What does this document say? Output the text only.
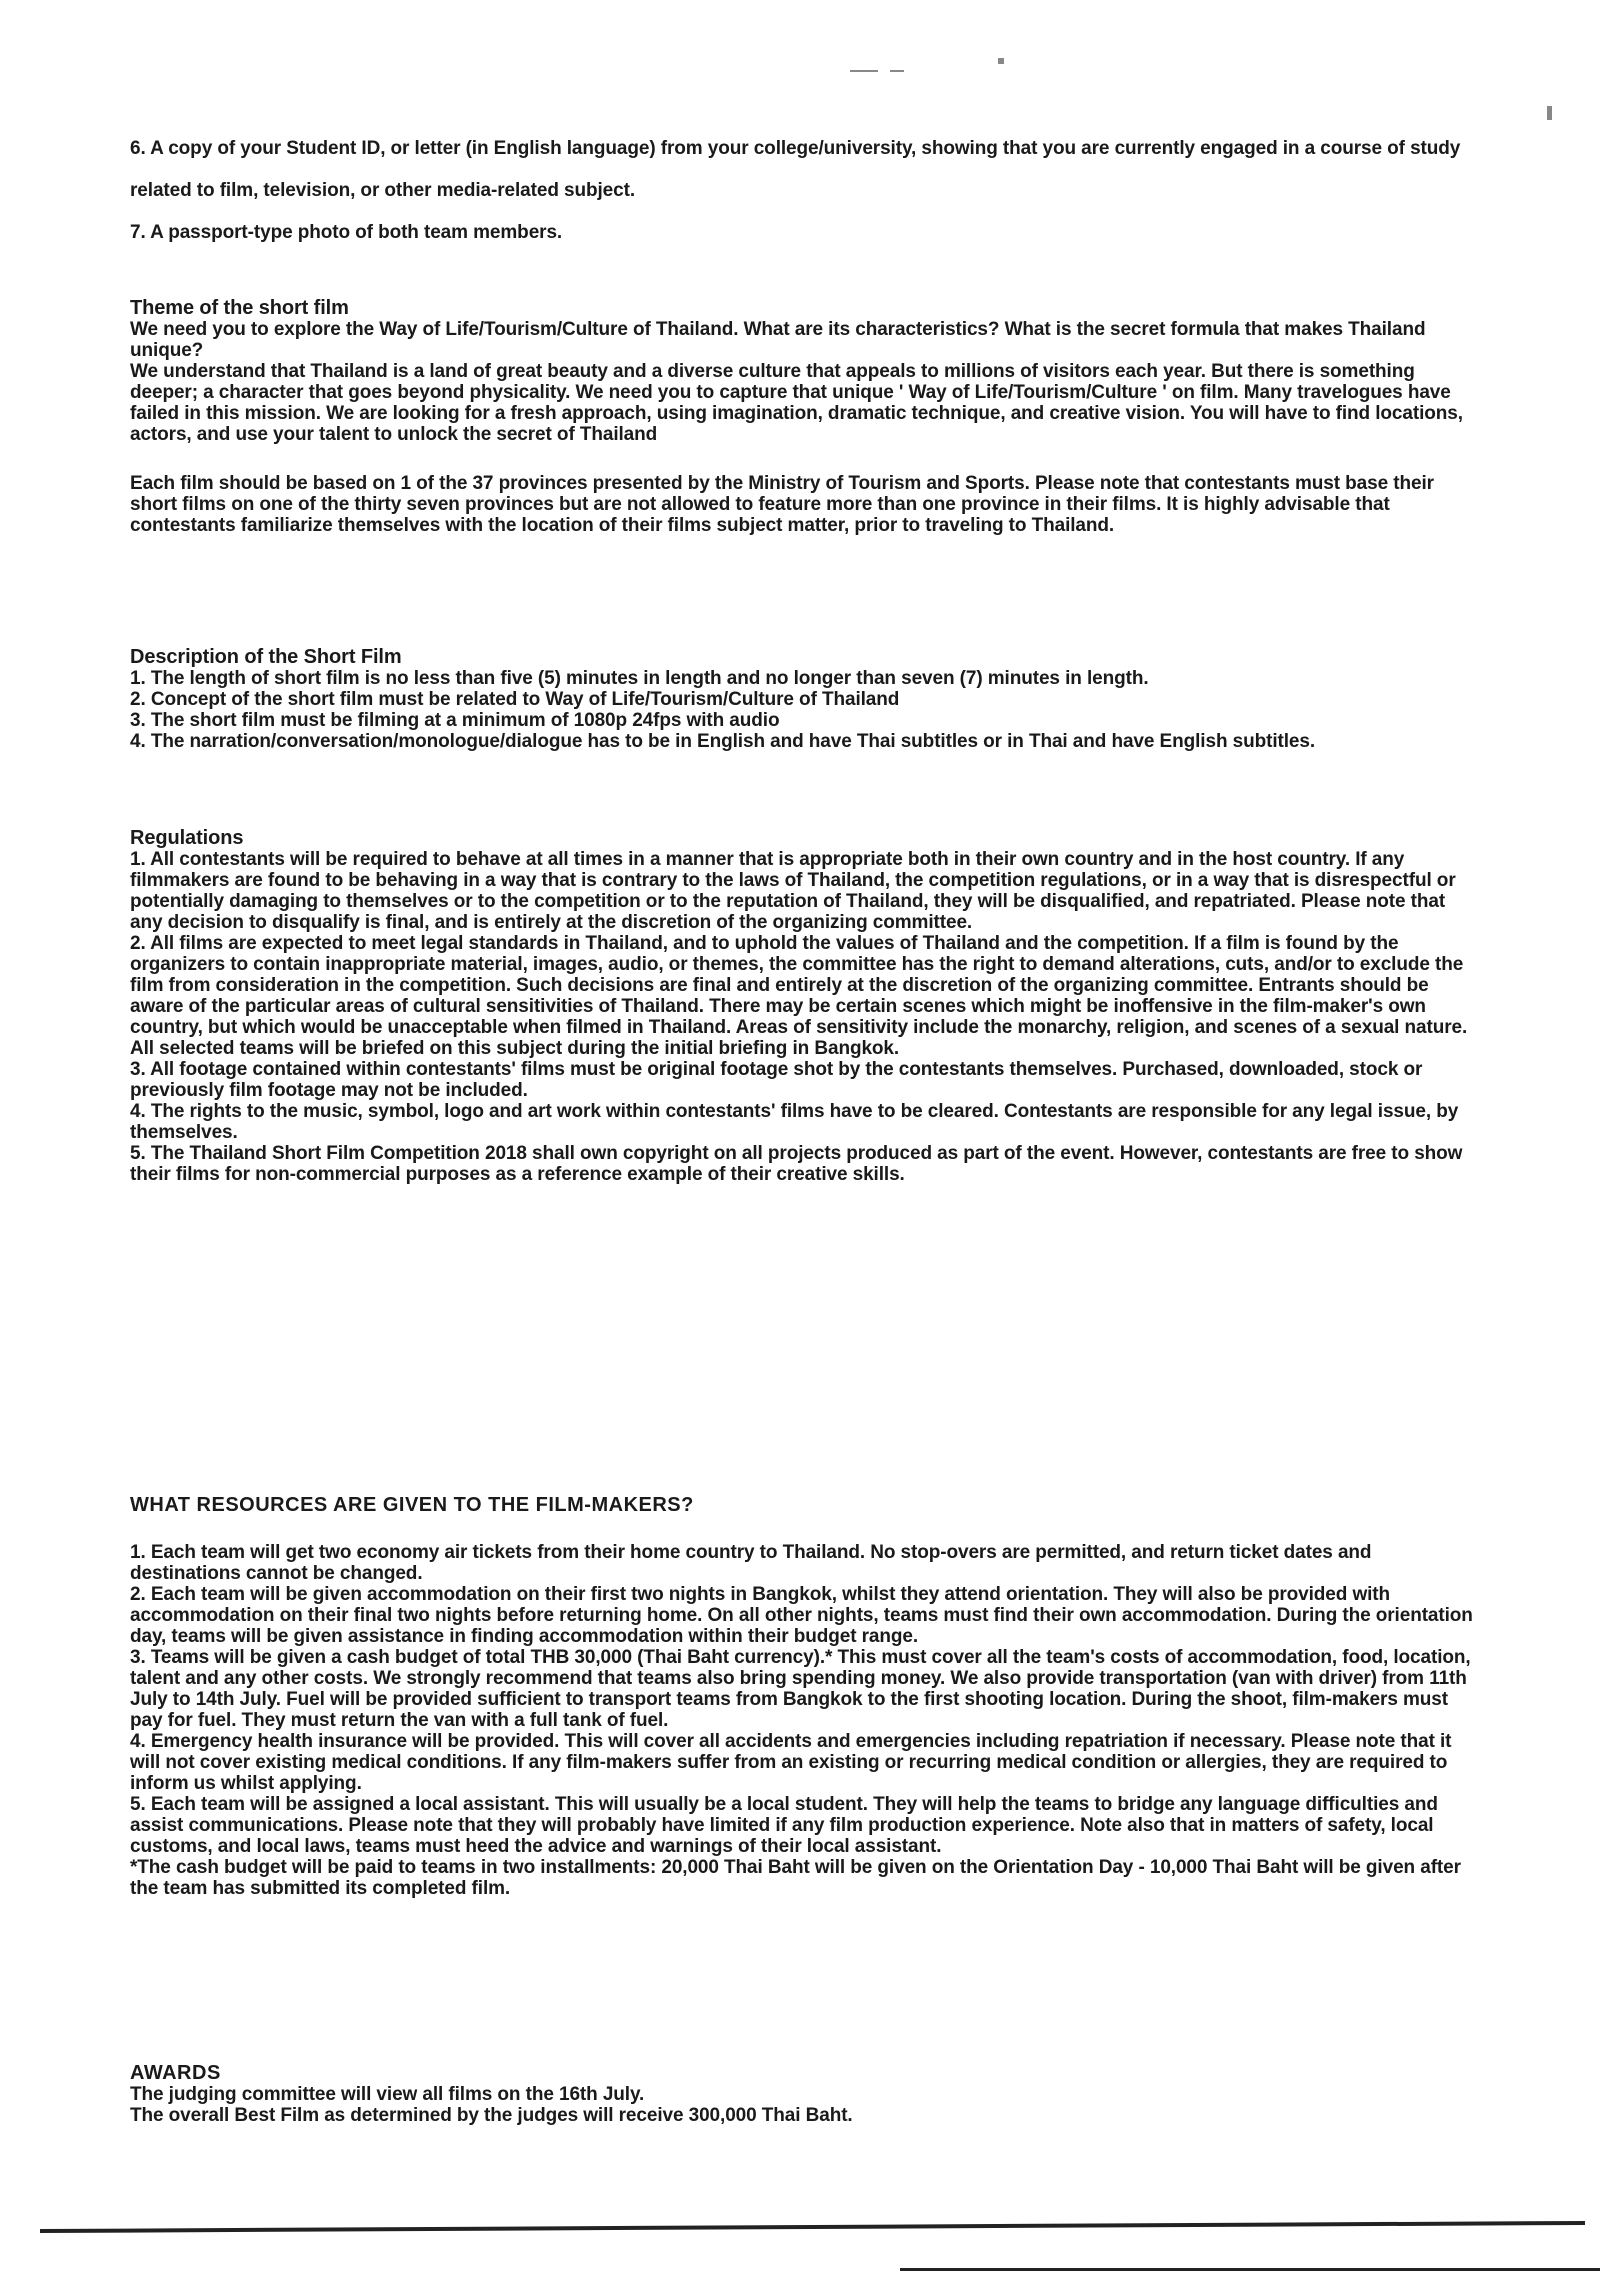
6. A copy of your Student ID, or letter (in English language) from your college/university, showing that you are currently engaged in a course of study related to film, television, or other media-related subject.

7. A passport-type photo of both team members.

Theme of the short film

We need you to explore the Way of Life/Tourism/Culture of Thailand. What are its characteristics? What is the secret formula that makes Thailand unique?

We understand that Thailand is a land of great beauty and a diverse culture that appeals to millions of visitors each year. But there is something deeper; a character that goes beyond physicality. We need you to capture that unique ' Way of Life/Tourism/Culture ' on film. Many travelogues have failed in this mission. We are looking for a fresh approach, using imagination, dramatic technique, and creative vision. You will have to find locations, actors, and use your talent to unlock the secret of Thailand

Each film should be based on 1 of the 37 provinces presented by the Ministry of Tourism and Sports. Please note that contestants must base their short films on one of the thirty seven provinces but are not allowed to feature more than one province in their films. It is highly advisable that contestants familiarize themselves with the location of their films subject matter, prior to traveling to Thailand.

Description of the Short Film

1. The length of short film is no less than five (5) minutes in length and no longer than seven (7) minutes in length.

2. Concept of the short film must be related to Way of Life/Tourism/Culture of Thailand

3. The short film must be filming at a minimum of 1080p 24fps with audio

4. The narration/conversation/monologue/dialogue has to be in English and have Thai subtitles or in Thai and have English subtitles.

Regulations

1. All contestants will be required to behave at all times in a manner that is appropriate both in their own country and in the host country. If any filmmakers are found to be behaving in a way that is contrary to the laws of Thailand, the competition regulations, or in a way that is disrespectful or potentially damaging to themselves or to the competition or to the reputation of Thailand, they will be disqualified, and repatriated. Please note that any decision to disqualify is final, and is entirely at the discretion of the organizing committee.

2. All films are expected to meet legal standards in Thailand, and to uphold the values of Thailand and the competition. If a film is found by the organizers to contain inappropriate material, images, audio, or themes, the committee has the right to demand alterations, cuts, and/or to exclude the film from consideration in the competition. Such decisions are final and entirely at the discretion of the organizing committee. Entrants should be aware of the particular areas of cultural sensitivities of Thailand. There may be certain scenes which might be inoffensive in the film-maker's own country, but which would be unacceptable when filmed in Thailand. Areas of sensitivity include the monarchy, religion, and scenes of a sexual nature. All selected teams will be briefed on this subject during the initial briefing in Bangkok.

3. All footage contained within contestants' films must be original footage shot by the contestants themselves. Purchased, downloaded, stock or previously film footage may not be included.

4. The rights to the music, symbol, logo and art work within contestants' films have to be cleared. Contestants are responsible for any legal issue, by themselves.

5. The Thailand Short Film Competition 2018 shall own copyright on all projects produced as part of the event. However, contestants are free to show their films for non-commercial purposes as a reference example of their creative skills.

WHAT RESOURCES ARE GIVEN TO THE FILM-MAKERS?

1. Each team will get two economy air tickets from their home country to Thailand. No stop-overs are permitted, and return ticket dates and destinations cannot be changed.

2. Each team will be given accommodation on their first two nights in Bangkok, whilst they attend orientation. They will also be provided with accommodation on their final two nights before returning home. On all other nights, teams must find their own accommodation. During the orientation day, teams will be given assistance in finding accommodation within their budget range.

3. Teams will be given a cash budget of total THB 30,000 (Thai Baht currency).* This must cover all the team's costs of accommodation, food, location, talent and any other costs. We strongly recommend that teams also bring spending money. We also provide transportation (van with driver) from 11th July to 14th July. Fuel will be provided sufficient to transport teams from Bangkok to the first shooting location. During the shoot, film-makers must pay for fuel. They must return the van with a full tank of fuel.

4. Emergency health insurance will be provided. This will cover all accidents and emergencies including repatriation if necessary. Please note that it will not cover existing medical conditions. If any film-makers suffer from an existing or recurring medical condition or allergies, they are required to inform us whilst applying.

5. Each team will be assigned a local assistant. This will usually be a local student. They will help the teams to bridge any language difficulties and assist communications. Please note that they will probably have limited if any film production experience. Note also that in matters of safety, local customs, and local laws, teams must heed the advice and warnings of their local assistant.

*The cash budget will be paid to teams in two installments: 20,000 Thai Baht will be given on the Orientation Day - 10,000 Thai Baht will be given after the team has submitted its completed film.

AWARDS

The judging committee will view all films on the 16th July.

The overall Best Film as determined by the judges will receive 300,000 Thai Baht.
